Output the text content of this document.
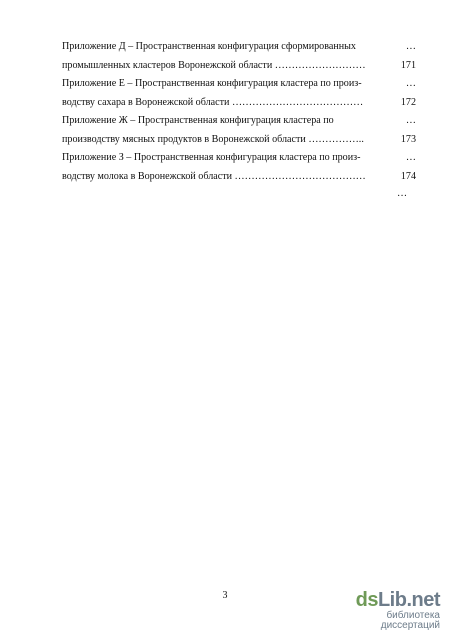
Приложение Д – Пространственная конфигурация сформированных
промышленных кластеров Воронежской области ………………………
…
171
Приложение Е – Пространственная конфигурация кластера по произ-
водству сахара в Воронежской области …………………………………
…
172
Приложение Ж – Пространственная конфигурация кластера по
производству мясных продуктов в Воронежской области ……………..
…
173
Приложение З – Пространственная конфигурация кластера по произ-
водству молока в Воронежской области …………………………………
…
174
…
3	dsLib.net
библиотека диссертаций
